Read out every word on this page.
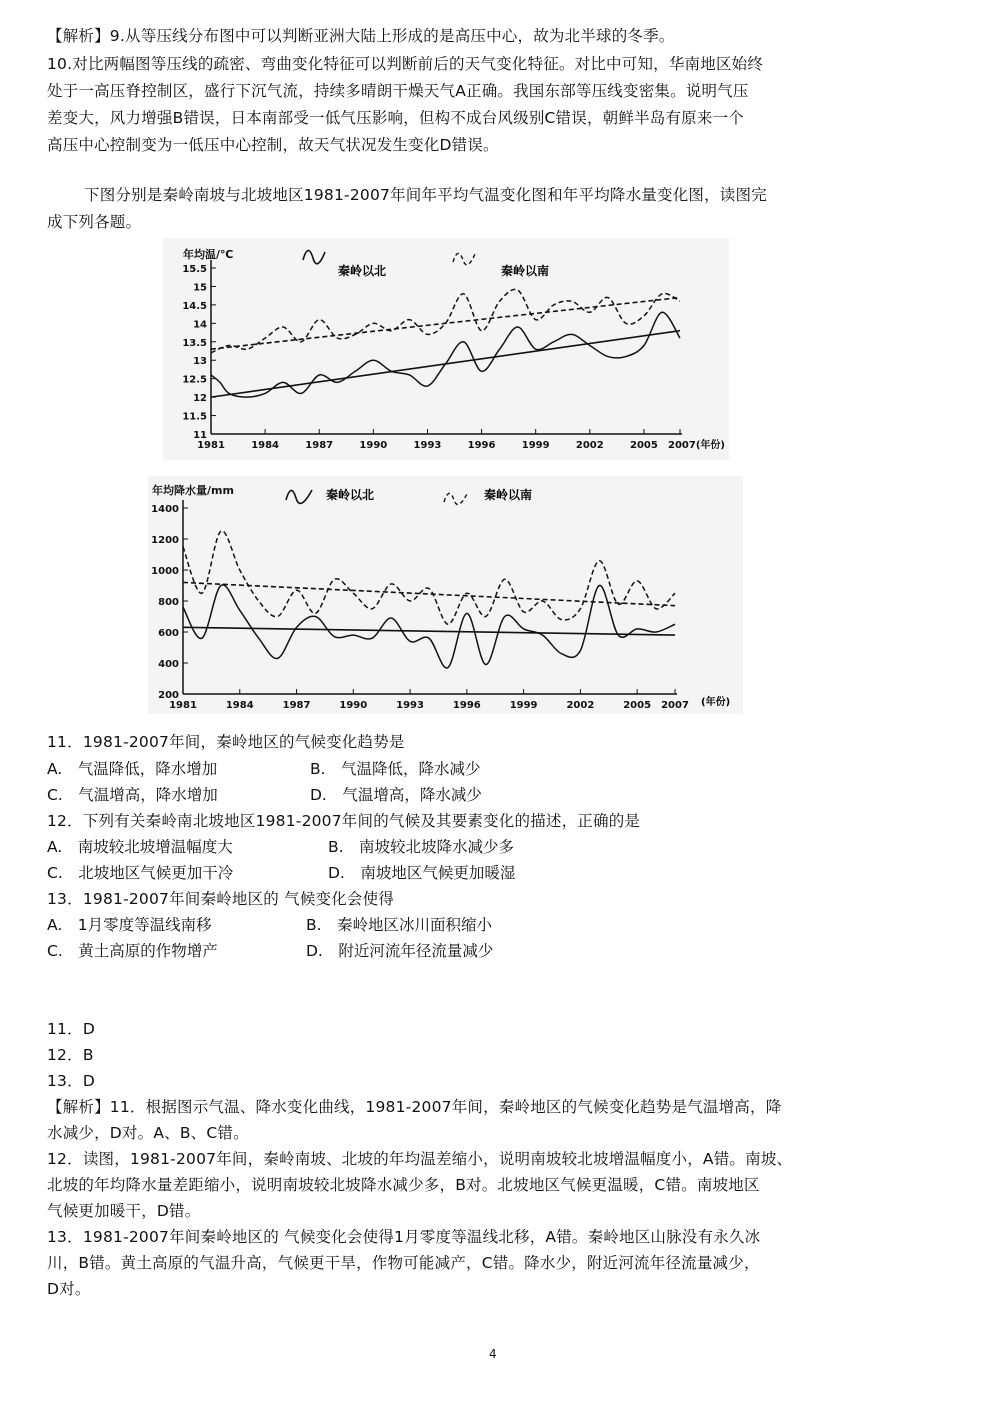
【解析】9.从等压线分布图中可以判断亚洲大陆上形成的是高压中心，故为北半球的冬季。
10.对比两幅图等压线的疏密、弯曲变化特征可以判断前后的天气变化特征。对比中可知，华南地区始终
处于一高压脊控制区，盛行下沉气流，持续多晴朗干燥天气A正确。我国东部等压线变密集。说明气压
差变大，风力增强B错误，日本南部受一低气压影响，但构不成台风级别C错误，朝鲜半岛有原来一个
高压中心控制变为一低压中心控制，故天气状况发生变化D错误。
下图分别是秦岭南坡与北坡地区1981-2007年间年平均气温变化图和年平均降水量变化图，读图完
成下列各题。
年均温/℃
秦岭以北	秦岭以南
11
11.5
12
12.5
13
13.5
14
14.5
15
15.5
1981	1984	1987	1990	1993	1996	1999	2002	2005 2007(年份)
年均降水量/mm	秦岭以北	秦岭以南
(年份)
200
400
600
800
1000
1200
1400
1981	1984	1987	1990	1993	1996	1999	2002	2005 2007
11．1981-2007年间，秦岭地区的气候变化趋势是
A.　气温降低，降水增加	B.　气温降低，降水减少
C.　气温增高，降水增加	D.　气温增高，降水减少
12．下列有关秦岭南北坡地区1981-2007年间的气候及其要素变化的描述，正确的是
A.　南坡较北坡增温幅度大	B.　南坡较北坡降水减少多
C.　北坡地区气候更加干冷	D.　南坡地区气候更加暖湿
13．1981-2007年间秦岭地区的 气候变化会使得
A.　1月零度等温线南移	B.　秦岭地区冰川面积缩小
C.　黄土高原的作物增产	D.　附近河流年径流量减少
11．D
12．B
13．D
【解析】11．根据图示气温、降水变化曲线，1981-2007年间，秦岭地区的气候变化趋势是气温增高，降
水减少，D对。A、B、C错。
12．读图，1981-2007年间，秦岭南坡、北坡的年均温差缩小，说明南坡较北坡增温幅度小，A错。南坡、
北坡的年均降水量差距缩小，说明南坡较北坡降水减少多，B对。北坡地区气候更温暖，C错。南坡地区
气候更加暖干，D错。
13．1981-2007年间秦岭地区的 气候变化会使得1月零度等温线北移，A错。秦岭地区山脉没有永久冰
川，B错。黄土高原的气温升高，气候更干旱，作物可能减产，C错。降水少，附近河流年径流量减少，
D对。
4
